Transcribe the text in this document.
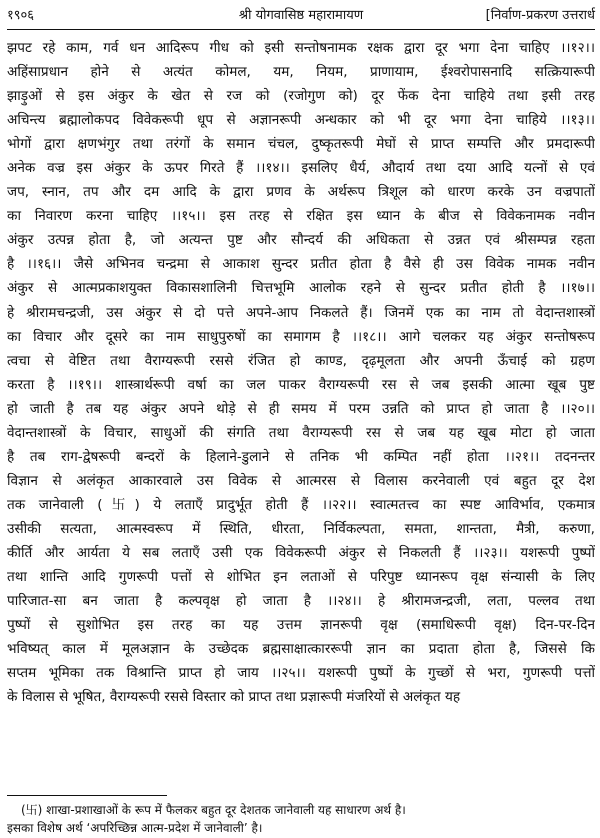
१९०६	श्री योगवासिष्ठ महारामायण	[निर्वाण-प्रकरण उत्तरार्ध
झपट रहे काम, गर्व धन आदिरूप गीध को इसी सन्तोषनामक रक्षक द्वारा दूर भगा देना चाहिए ।।१२।।
अहिंसाप्रधान होने से अत्यंत कोमल, यम, नियम, प्राणायाम, ईश्वरोपासनादि सत्क्रियारूपी
झाड़ुओं से इस अंकुर के खेत से रज को (रजोगुण को) दूर फेंक देना चाहिये तथा इसी तरह
अचिन्त्य ब्रह्मालोकपद विवेकरूपी धूप से अज्ञानरूपी अन्धकार को भी दूर भगा देना चाहिये ।।१३।।
भोगों द्वारा क्षणभंगुर तथा तरंगों के समान चंचल, दुष्कृतरूपी मेघों से प्राप्त सम्पत्ति और प्रमदारूपी
अनेक वज्र इस अंकुर के ऊपर गिरते हैं ।।१४।। इसलिए धैर्य, औदार्य तथा दया आदि यत्नों से एवं
जप, स्नान, तप और दम आदि के द्वारा प्रणव के अर्थरूप त्रिशूल को धारण करके उन वज्रपातों
का निवारण करना चाहिए ।।१५।। इस तरह से रक्षित इस ध्यान के बीज से विवेकनामक नवीन
अंकुर उत्पन्न होता है, जो अत्यन्त पुष्ट और सौन्दर्य की अधिकता से उन्नत एवं श्रीसम्पन्न रहता
है ।।१६।। जैसे अभिनव चन्द्रमा से आकाश सुन्दर प्रतीत होता है वैसे ही उस विवेक नामक नवीन
अंकुर से आत्मप्रकाशयुक्त विकासशालिनी चित्तभूमि आलोक रहने से सुन्दर प्रतीत होती है ।।१७।।
हे श्रीरामचन्द्रजी, उस अंकुर से दो पत्ते अपने-आप निकलते हैं। जिनमें एक का नाम तो वेदान्तशास्त्रों
का विचार और दूसरे का नाम साधुपुरुषों का समागम है ।।१८।। आगे चलकर यह अंकुर सन्तोषरूप
त्वचा से वेष्टित तथा वैराग्यरूपी रससे रंजित हो काण्ड, दृढ़मूलता और अपनी ऊँचाई को ग्रहण
करता है ।।१९।। शास्त्रार्थरूपी वर्षा का जल पाकर वैराग्यरूपी रस से जब इसकी आत्मा खूब पुष्ट
हो जाती है तब यह अंकुर अपने थोड़े से ही समय में परम उन्नति को प्राप्त हो जाता है ।।२०।।
वेदान्तशास्त्रों के विचार, साधुओं की संगति तथा वैराग्यरूपी रस से जब यह खूब मोटा हो जाता
है तब राग-द्वेषरूपी बन्दरों के हिलाने-डुलाने से तनिक भी कम्पित नहीं होता ।।२१।। तदनन्तर
विज्ञान से अलंकृत आकारवाले उस विवेक से आत्मरस से विलास करनेवाली एवं बहुत दूर देश
तक जानेवाली (卐) ये लताएँ प्रादुर्भूत होती हैं ।।२२।। स्वात्मतत्त्व का स्पष्ट आविर्भाव, एकमात्र
उसीकी सत्यता, आत्मस्वरूप में स्थिति, धीरता, निर्विकल्पता, समता, शान्तता, मैत्री, करुणा,
कीर्ति और आर्यता ये सब लताएँ उसी एक विवेकरूपी अंकुर से निकलती हैं ।।२३।। यशरूपी पुष्पों
तथा शान्ति आदि गुणरूपी पत्तों से शोभित इन लताओं से परिपुष्ट ध्यानरूप वृक्ष संन्यासी के लिए
पारिजात-सा बन जाता है कल्पवृक्ष हो जाता है ।।२४।। हे श्रीरामजन्द्रजी, लता, पल्लव तथा
पुष्पों से सुशोभित इस तरह का यह उत्तम ज्ञानरूपी वृक्ष (समाधिरूपी वृक्ष) दिन-पर-दिन
भविष्यत् काल में मूलअज्ञान के उच्छेदक ब्रह्मसाक्षात्काररूपी ज्ञान का प्रदाता होता है, जिससे कि
सप्तम भूमिका तक विश्रान्ति प्राप्त हो जाय ।।२५।। यशरूपी पुष्पों के गुच्छों से भरा, गुणरूपी पत्तों
के विलास से भूषित, वैराग्यरूपी रससे विस्तार को प्राप्त तथा प्रज्ञारूपी मंजरियों से अलंकृत यह
(卐) शाखा-प्रशाखाओं के रूप में फैलकर बहुत दूर देशतक जानेवाली यह साधारण अर्थ है।
इसका विशेष अर्थ ‘अपरिच्छिन्न आत्म-प्रदेश में जानेवाली’ है।
